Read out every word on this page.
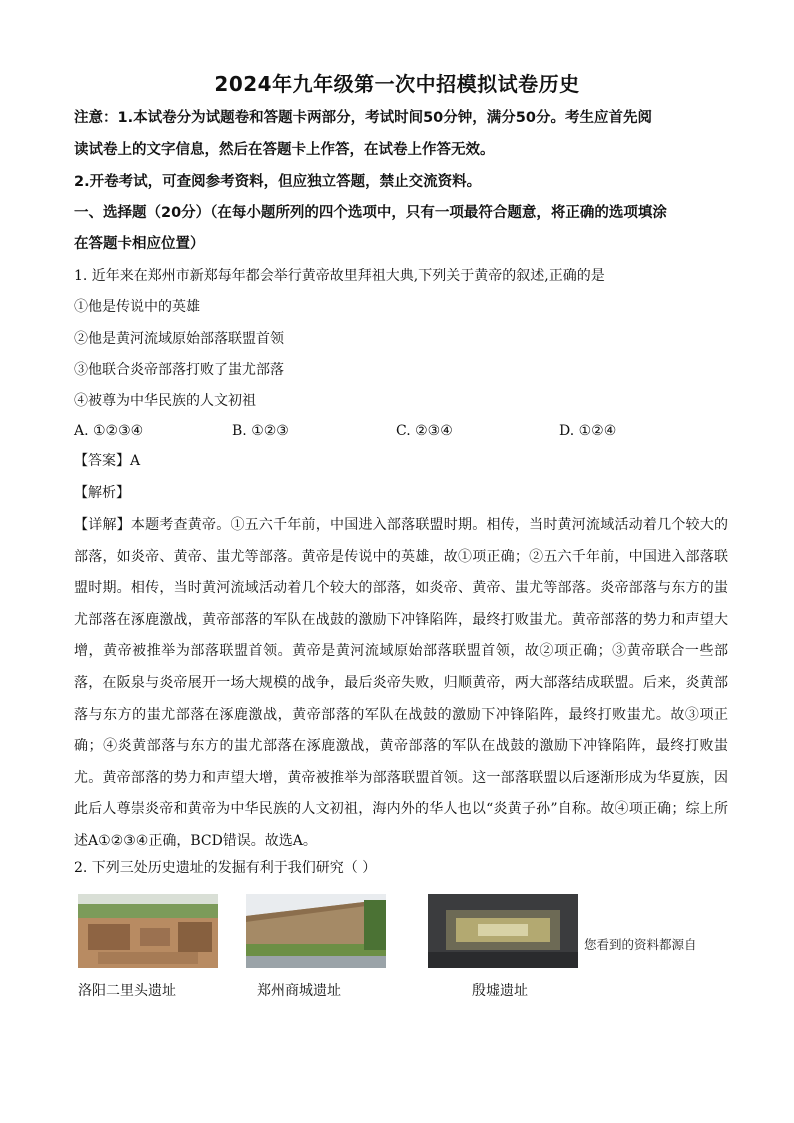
2024年九年级第一次中招模拟试卷历史
注意：1.本试卷分为试题卷和答题卡两部分，考试时间50分钟，满分50分。考生应首先阅
读试卷上的文字信息，然后在答题卡上作答，在试卷上作答无效。
2.开卷考试，可查阅参考资料，但应独立答题，禁止交流资料。
一、选择题（20分）（在每小题所列的四个选项中，只有一项最符合题意，将正确的选项填涂
在答题卡相应位置）
1. 近年来在郑州市新郑每年都会举行黄帝故里拜祖大典,下列关于黄帝的叙述,正确的是
①他是传说中的英雄
②他是黄河流域原始部落联盟首领
③他联合炎帝部落打败了蚩尤部落
④被尊为中华民族的人文初祖
A. ①②③④	B. ①②③	C. ②③④	D. ①②④
【答案】A
【解析】
【详解】本题考查黄帝。①五六千年前，中国进入部落联盟时期。相传，当时黄河流域活动着几个较大的部落，如炎帝、黄帝、蚩尤等部落。黄帝是传说中的英雄，故①项正确；②五六千年前，中国进入部落联盟时期。相传，当时黄河流域活动着几个较大的部落，如炎帝、黄帝、蚩尤等部落。炎帝部落与东方的蚩尤部落在涿鹿激战，黄帝部落的军队在战鼓的激励下冲锋陷阵，最终打败蚩尤。黄帝部落的势力和声望大增，黄帝被推举为部落联盟首领。黄帝是黄河流域原始部落联盟首领，故②项正确；③黄帝联合一些部落，在阪泉与炎帝展开一场大规模的战争，最后炎帝失败，归顺黄帝，两大部落结成联盟。后来，炎黄部落与东方的蚩尤部落在涿鹿激战，黄帝部落的军队在战鼓的激励下冲锋陷阵，最终打败蚩尤。故③项正确；④炎黄部落与东方的蚩尤部落在涿鹿激战，黄帝部落的军队在战鼓的激励下冲锋陷阵，最终打败蚩尤。黄帝部落的势力和声望大增，黄帝被推举为部落联盟首领。这一部落联盟以后逐渐形成为华夏族，因此后人尊崇炎帝和黄帝为中华民族的人文初祖，海内外的华人也以“炎黄子孙”自称。故④项正确；综上所述A①②③④正确，BCD错误。故选A。
2. 下列三处历史遗址的发掘有利于我们研究（ ）
您看到的资料都源自
洛阳二里头遗址	郑州商城遗址	殷墟遗址
